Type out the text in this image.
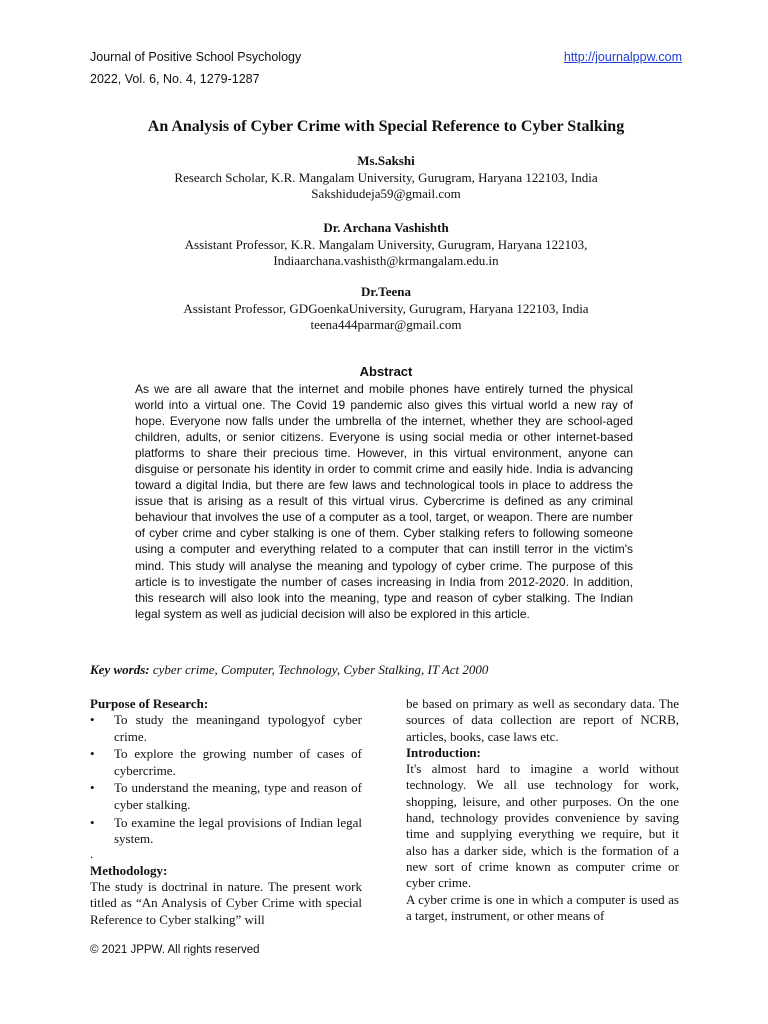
Journal of Positive School Psychology	http://journalppw.com
2022, Vol. 6, No. 4, 1279-1287
An Analysis of Cyber Crime with Special Reference to Cyber Stalking
Ms.Sakshi
Research Scholar, K.R. Mangalam University, Gurugram, Haryana 122103, India
Sakshidudeja59@gmail.com
Dr. Archana Vashishth
Assistant Professor, K.R. Mangalam University, Gurugram, Haryana 122103,
Indiaarchana.vashisth@krmangalam.edu.in
Dr.Teena
Assistant Professor, GDGoenkaUniversity, Gurugram, Haryana 122103, India
teena444parmar@gmail.com
Abstract
As we are all aware that the internet and mobile phones have entirely turned the physical world into a virtual one. The Covid 19 pandemic also gives this virtual world a new ray of hope. Everyone now falls under the umbrella of the internet, whether they are school-aged children, adults, or senior citizens. Everyone is using social media or other internet-based platforms to share their precious time. However, in this virtual environment, anyone can disguise or personate his identity in order to commit crime and easily hide. India is advancing toward a digital India, but there are few laws and technological tools in place to address the issue that is arising as a result of this virtual virus. Cybercrime is defined as any criminal behaviour that involves the use of a computer as a tool, target, or weapon. There are number of cyber crime and cyber stalking is one of them. Cyber stalking refers to following someone using a computer and everything related to a computer that can instill terror in the victim's mind. This study will analyse the meaning and typology of cyber crime. The purpose of this article is to investigate the number of cases increasing in India from 2012-2020. In addition, this research will also look into the meaning, type and reason of cyber stalking. The Indian legal system as well as judicial decision will also be explored in this article.
Key words: cyber crime, Computer, Technology, Cyber Stalking, IT Act 2000
Purpose of Research:
• To study the meaningand typologyof cyber crime.
• To explore the growing number of cases of cybercrime.
• To understand the meaning, type and reason of cyber stalking.
• To examine the legal provisions of Indian legal system.
.
Methodology:

The study is doctrinal in nature. The present work titled as “An Analysis of Cyber Crime with special Reference to Cyber stalking” will

be based on primary as well as secondary data. The sources of data collection are report of NCRB, articles, books, case laws etc.

Introduction:

It's almost hard to imagine a world without technology. We all use technology for work, shopping, leisure, and other purposes. On the one hand, technology provides convenience by saving time and supplying everything we require, but it also has a darker side, which is the formation of a new sort of crime known as computer crime or cyber crime.

A cyber crime is one in which a computer is used as a target, instrument, or other means of

© 2021 JPPW. All rights reserved
